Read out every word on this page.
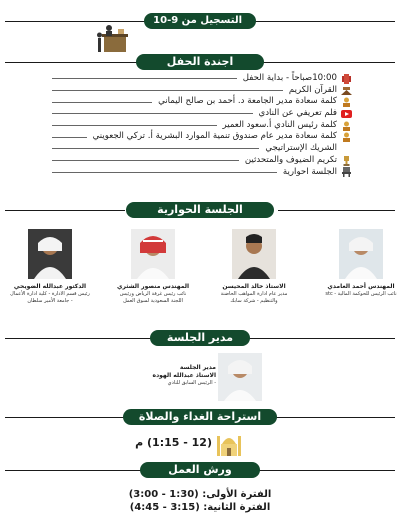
التسجيل من 9-10
اجندة الحفل
10:00صباحاً - بداية الحفل
القرآن الكريم
كلمة سعادة مدير الجامعة د. أحمد بن صالح اليماني
فلم تعريفي عن النادي
كلمة رئيس النادي أ.سعود العمير
كلمة سعادة مدير عام صندوق تنمية الموارد البشرية أ. تركي الجعويني
الشريك الإستراتيجي
تكريم الضيوف والمتحدثين
الجلسة احوارية
الجلسة الحوارية
المهندس أحمد الغامدي
نائب الرئيس للحوكمة المالية - stc
الاستاذ خالد المحيسن
مدير عام ادارة المواهب الحاضنة والتنظيم - شركة سابك
المهندس منصور الشثري
نائب رئيس غرفة الرياض ورئيس اللجنة السعودية لسوق العمل
الدكتور عبدالله الضويحي
رئيس قسم الادارة - كلية ادارة الأعمال - جامعة الأمير سلطان
مدير الجلسة
مدير الجلسة
الاستاذ عبدالله الهوده
- الرئيس السابق للنادي
استراحة الغداء والصلاة
(12 - 1:15) م
ورش العمل
الفترة الأولى: (1:30 - 3:00)
الفترة الثانية: (3:15 - 4:45)
